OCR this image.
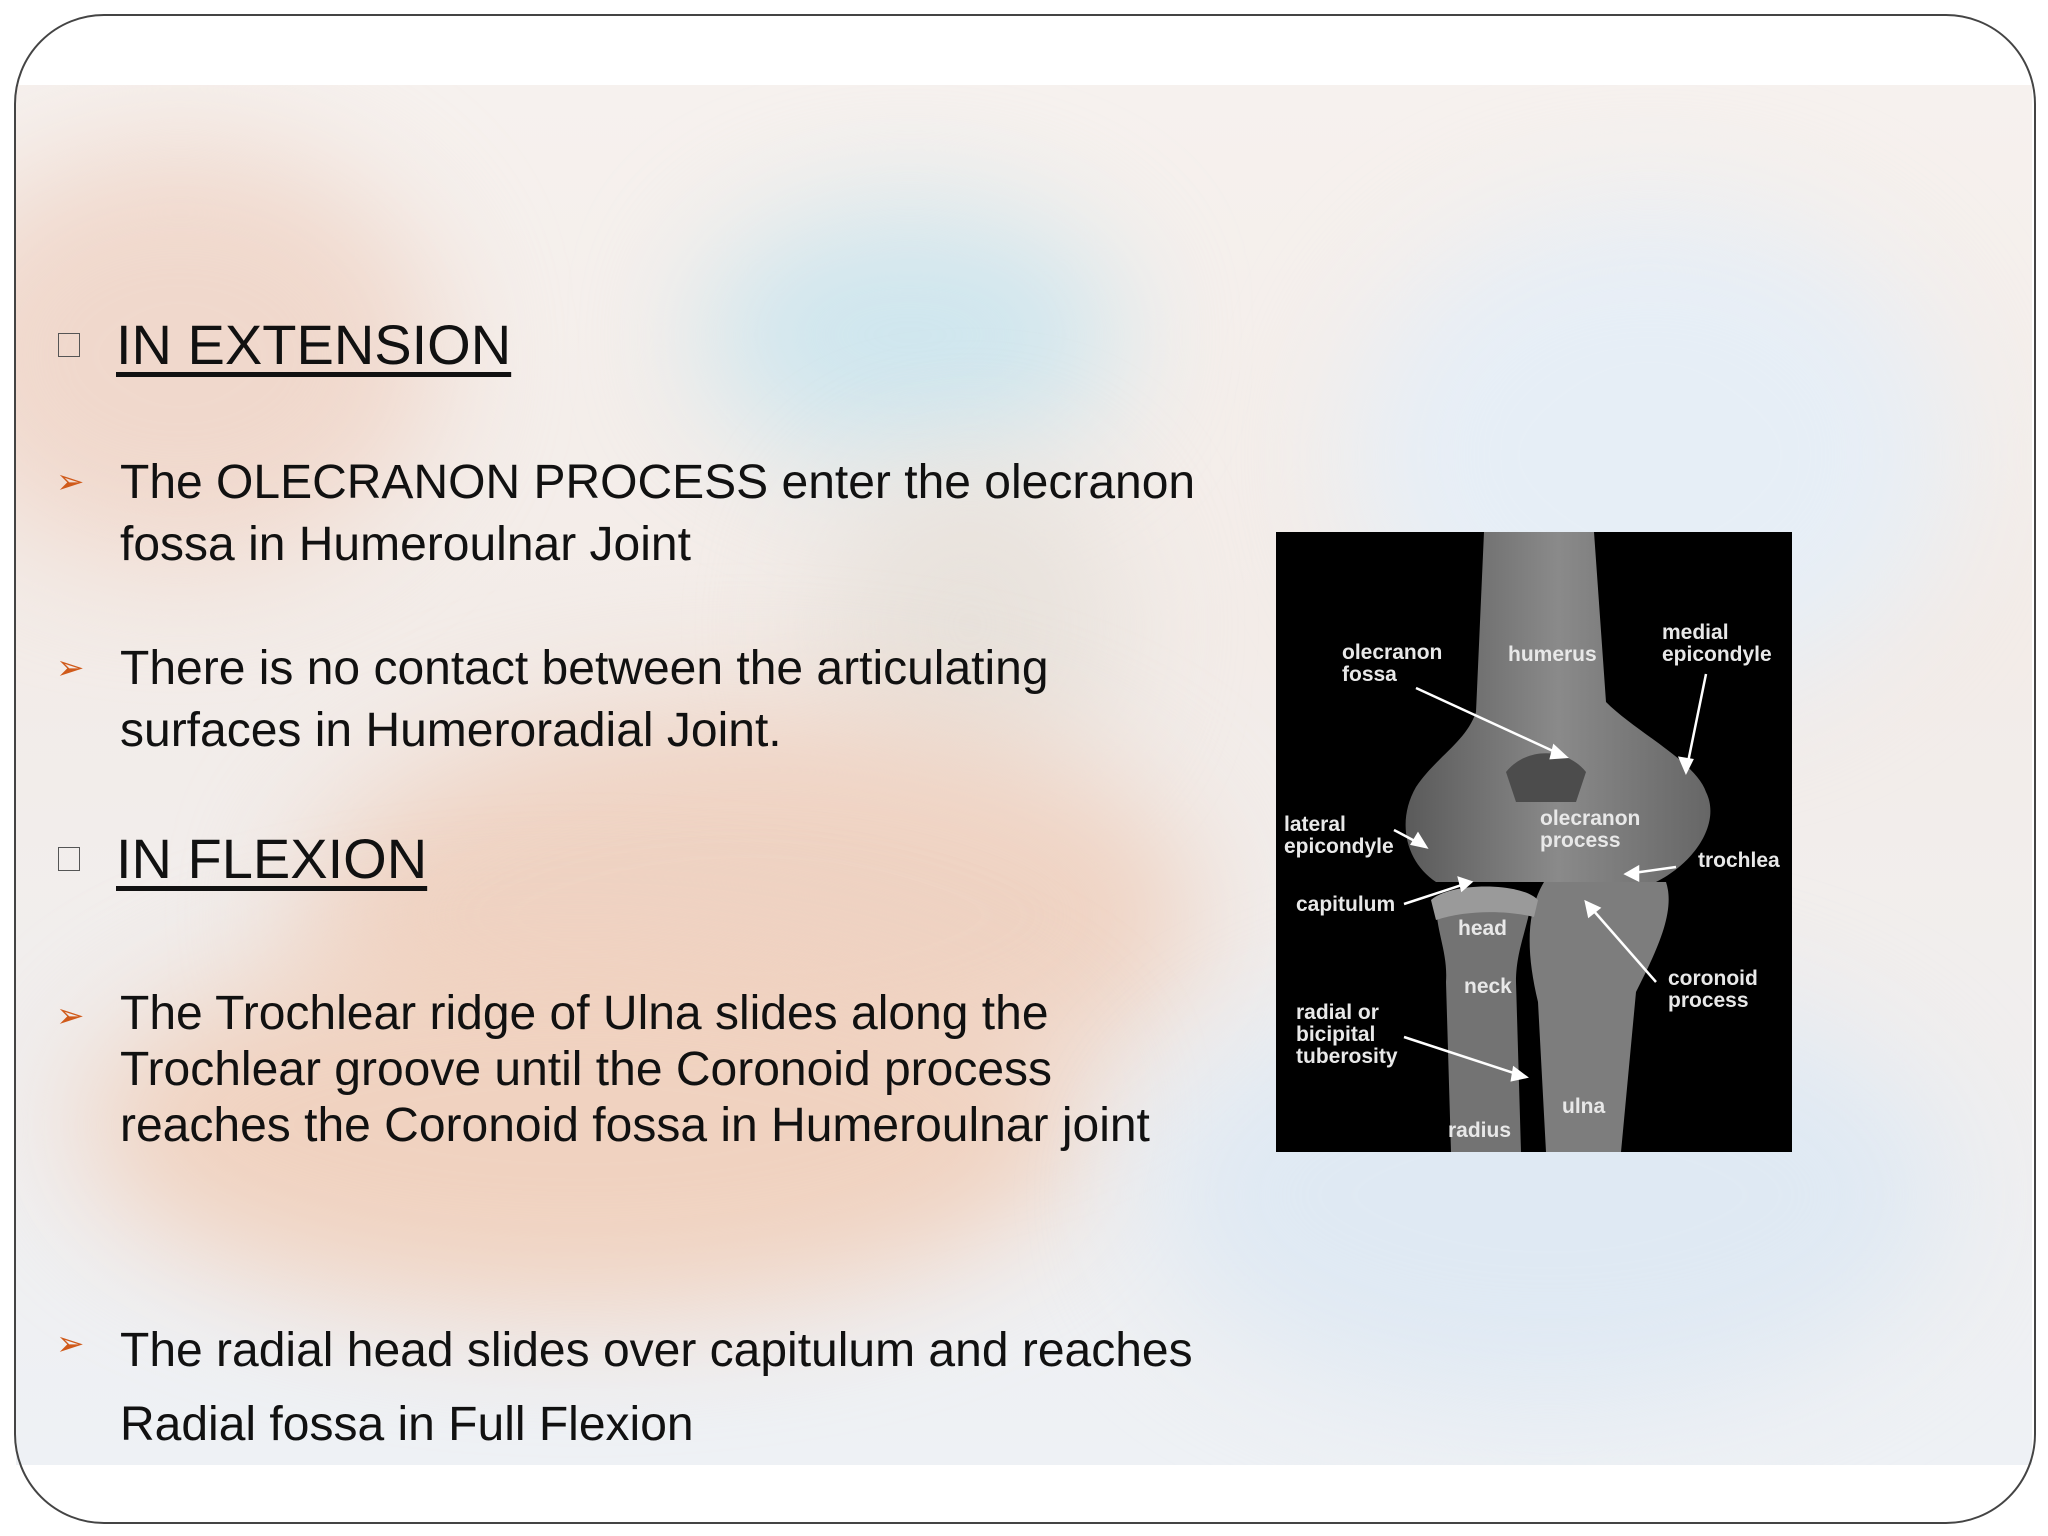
IN EXTENSION
➢ The OLECRANON PROCESS enter the olecranon fossa in Humeroulnar Joint
➢ There is no contact between the articulating surfaces in Humeroradial Joint.
IN FLEXION
➢ The Trochlear ridge of Ulna slides along the Trochlear groove until the Coronoid process reaches the Coronoid fossa in Humeroulnar joint
➢ The radial head slides over capitulum and reaches Radial fossa in Full Flexion
olecranon
fossa
humerus
medial
epicondyle
lateral
epicondyle
olecranon
process
trochlea
capitulum
head
neck	coronoid
process
radial or
bicipital
tuberosity
ulna
radius
